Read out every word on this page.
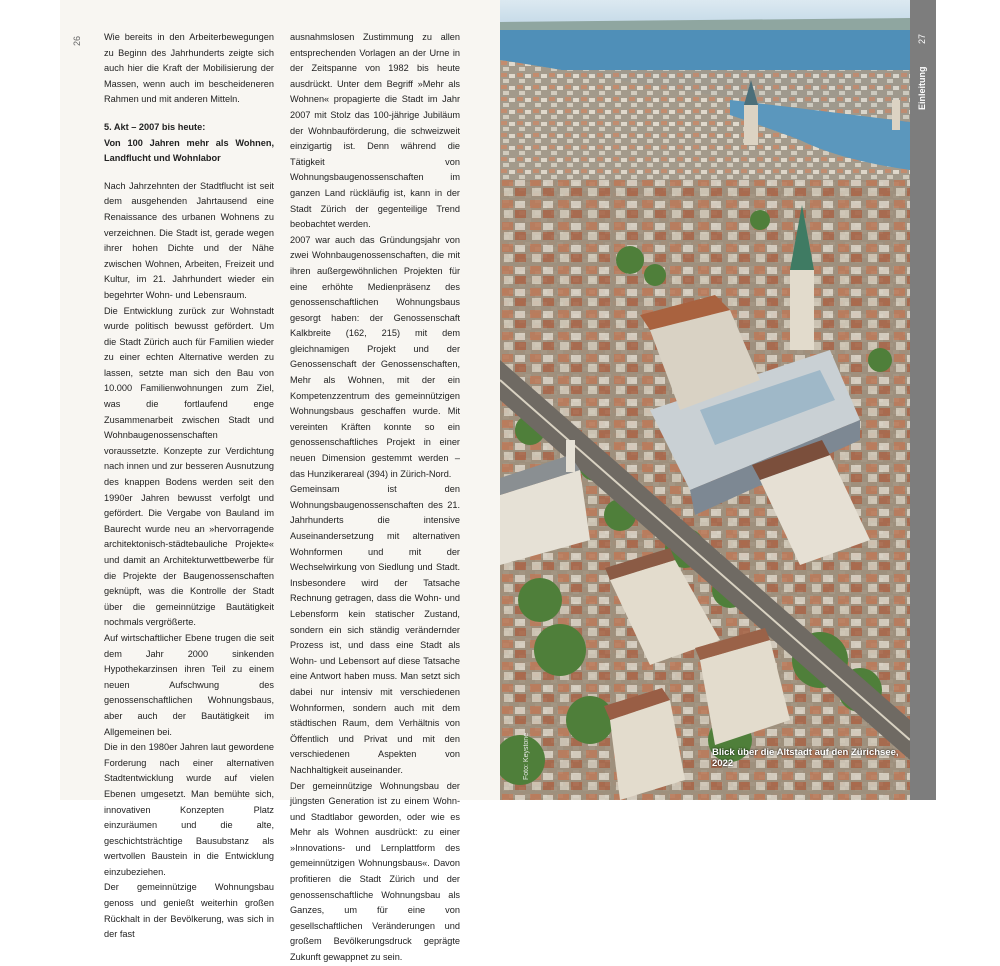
26 Wie bereits in den Arbeiterbewegungen zu Beginn des Jahrhunderts zeigte sich auch hier die Kraft der Mobilisierung der Massen, wenn auch im bescheideneren Rahmen und mit anderen Mitteln.

5. Akt – 2007 bis heute:
Von 100 Jahren mehr als Wohnen, Landflucht und Wohnlabor

Nach Jahrzehnten der Stadtflucht ist seit dem ausgehenden Jahrtausend eine Renaissance des urbanen Wohnens zu verzeichnen. Die Stadt ist, gerade wegen ihrer hohen Dichte und der Nähe zwischen Wohnen, Arbeiten, Freizeit und Kultur, im 21. Jahrhundert wieder ein begehrter Wohn- und Lebensraum.

Die Entwicklung zurück zur Wohnstadt wurde politisch bewusst gefördert. Um die Stadt Zürich auch für Familien wieder zu einer echten Alternative werden zu lassen, setzte man sich den Bau von 10.000 Familienwohnungen zum Ziel, was die fortlaufend enge Zusammenarbeit zwischen Stadt und Wohnbaugenossenschaften voraussetzte. Konzepte zur Verdichtung nach innen und zur besseren Ausnutzung des knappen Bodens werden seit den 1990er Jahren bewusst verfolgt und gefördert. Die Vergabe von Bauland im Baurecht wurde neu an »hervorragende architektonisch-städtebauliche Projekte« und damit an Architekturwettbewerbe für die Projekte der Baugenossenschaften geknüpft, was die Kontrolle der Stadt über die gemeinnützige Bautätigkeit nochmals vergrößerte.

Auf wirtschaftlicher Ebene trugen die seit dem Jahr 2000 sinkenden Hypothekarzinsen ihren Teil zu einem neuen Aufschwung des genossenschaftlichen Wohnungsbaus, aber auch der Bautätigkeit im Allgemeinen bei.

Die in den 1980er Jahren laut gewordene Forderung nach einer alternativen Stadtentwicklung wurde auf vielen Ebenen umgesetzt. Man bemühte sich, innovativen Konzepten Platz einzuräumen und die alte, geschichtsträchtige Bausubstanz als wertvollen Baustein in die Entwicklung einzubeziehen.

Der gemeinnützige Wohnungsbau genoss und genießt weiterhin großen Rückhalt in der Bevölkerung, was sich in der fast

ausnahmslosen Zustimmung zu allen entsprechenden Vorlagen an der Urne in der Zeitspanne von 1982 bis heute ausdrückt. Unter dem Begriff »Mehr als Wohnen« propagierte die Stadt im Jahr 2007 mit Stolz das 100-jährige Jubiläum der Wohnbauförderung, die schweizweit einzigartig ist. Denn während die Tätigkeit von Wohnungsbaugenossenschaften im ganzen Land rückläufig ist, kann in der Stadt Zürich der gegenteilige Trend beobachtet werden.

2007 war auch das Gründungsjahr von zwei Wohnbaugenossenschaften, die mit ihren außergewöhnlichen Projekten für eine erhöhte Medienpräsenz des genossenschaftlichen Wohnungsbaus gesorgt haben: der Genossenschaft Kalkbreite (162, 215) mit dem gleichnamigen Projekt und der Genossenschaft der Genossenschaften, Mehr als Wohnen, mit der ein Kompetenzzentrum des gemeinnützigen Wohnungsbaus geschaffen wurde. Mit vereinten Kräften konnte so ein genossenschaftliches Projekt in einer neuen Dimension gestemmt werden – das Hunzikerareal (394) in Zürich-Nord.

Gemeinsam ist den Wohnungsbaugenossenschaften des 21. Jahrhunderts die intensive Auseinandersetzung mit alternativen Wohnformen und mit der Wechselwirkung von Siedlung und Stadt. Insbesondere wird der Tatsache Rechnung getragen, dass die Wohn- und Lebensform kein statischer Zustand, sondern ein sich ständig verändernder Prozess ist, und dass eine Stadt als Wohn- und Lebensort auf diese Tatsache eine Antwort haben muss. Man setzt sich dabei nur intensiv mit verschiedenen Wohnformen, sondern auch mit dem städtischen Raum, dem Verhältnis von Öffentlich und Privat und mit den verschiedenen Aspekten von Nachhaltigkeit auseinander.

Der gemeinnützige Wohnungsbau der jüngsten Generation ist zu einem Wohn- und Stadtlabor geworden, oder wie es Mehr als Wohnen ausdrückt: zu einer »Innovations- und Lernplattform des gemeinnützigen Wohnungsbaus«. Davon profitieren die Stadt Zürich und der genossenschaftliche Wohnungsbau als Ganzes, um für eine von gesellschaftlichen Veränderungen und großem Bevölkerungsdruck geprägte Zukunft gewappnet zu sein.

Foto: Keystone	Blick über die Altstadt auf den Zürichsee, 2022
27
Einleitung
